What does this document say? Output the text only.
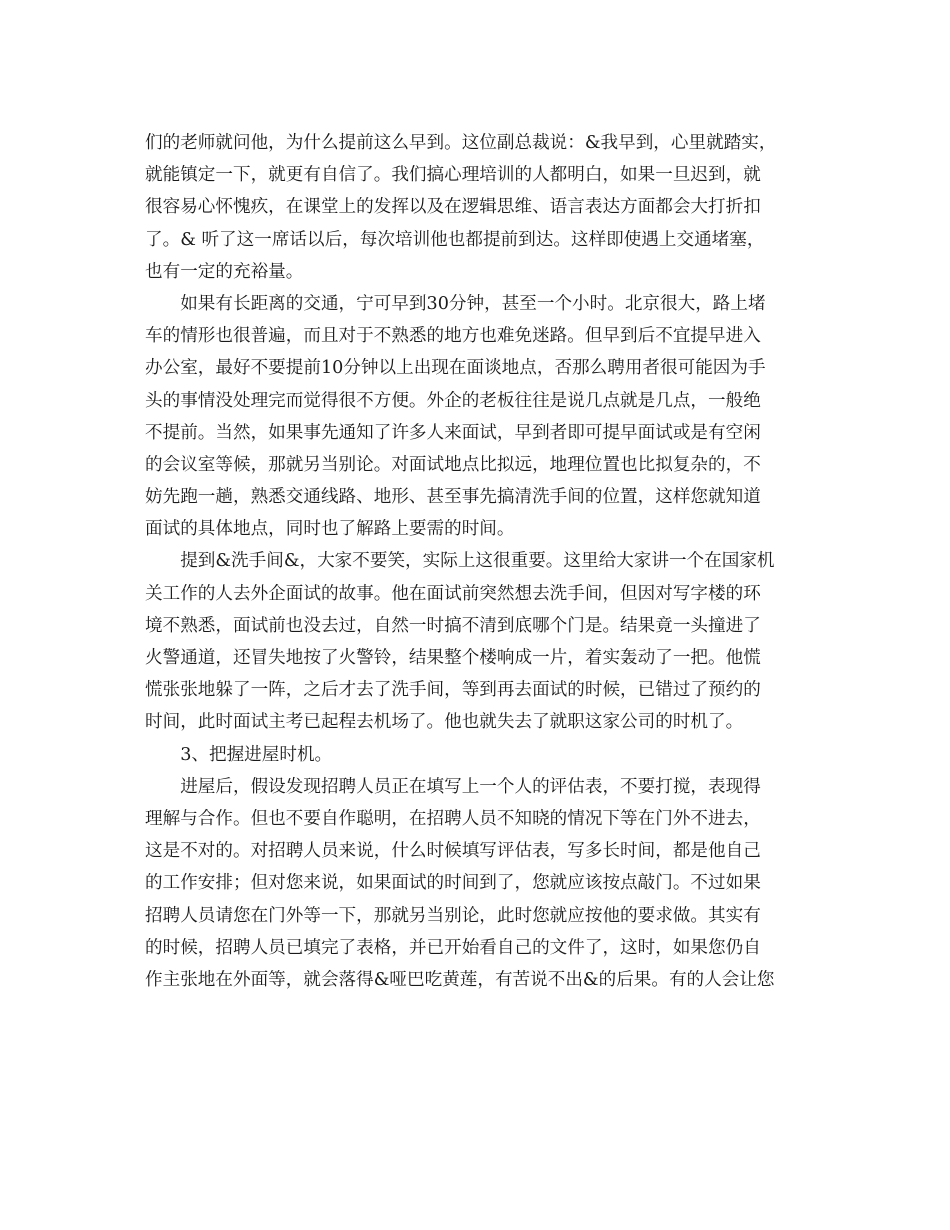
们的老师就问他，为什么提前这么早到。这位副总裁说：&我早到，心里就踏实，
就能镇定一下，就更有自信了。我们搞心理培训的人都明白，如果一旦迟到，就
很容易心怀愧疚，在课堂上的发挥以及在逻辑思维、语言表达方面都会大打折扣
了。& 听了这一席话以后，每次培训他也都提前到达。这样即使遇上交通堵塞，
也有一定的充裕量。
　　如果有长距离的交通，宁可早到30分钟，甚至一个小时。北京很大，路上堵
车的情形也很普遍，而且对于不熟悉的地方也难免迷路。但早到后不宜提早进入
办公室，最好不要提前10分钟以上出现在面谈地点，否那么聘用者很可能因为手
头的事情没处理完而觉得很不方便。外企的老板往往是说几点就是几点，一般绝
不提前。当然，如果事先通知了许多人来面试，早到者即可提早面试或是有空闲
的会议室等候，那就另当别论。对面试地点比拟远，地理位置也比拟复杂的，不
妨先跑一趟，熟悉交通线路、地形、甚至事先搞清洗手间的位置，这样您就知道
面试的具体地点，同时也了解路上要需的时间。
　　提到&洗手间&，大家不要笑，实际上这很重要。这里给大家讲一个在国家机
关工作的人去外企面试的故事。他在面试前突然想去洗手间，但因对写字楼的环
境不熟悉，面试前也没去过，自然一时搞不清到底哪个门是。结果竟一头撞进了
火警通道，还冒失地按了火警铃，结果整个楼响成一片，着实轰动了一把。他慌
慌张张地躲了一阵，之后才去了洗手间，等到再去面试的时候，已错过了预约的
时间，此时面试主考已起程去机场了。他也就失去了就职这家公司的时机了。
　　3、把握进屋时机。
　　进屋后，假设发现招聘人员正在填写上一个人的评估表，不要打搅，表现得
理解与合作。但也不要自作聪明，在招聘人员不知晓的情况下等在门外不进去，
这是不对的。对招聘人员来说，什么时候填写评估表，写多长时间，都是他自己
的工作安排；但对您来说，如果面试的时间到了，您就应该按点敲门。不过如果
招聘人员请您在门外等一下，那就另当别论，此时您就应按他的要求做。其实有
的时候，招聘人员已填完了表格，并已开始看自己的文件了，这时，如果您仍自
作主张地在外面等，就会落得&哑巴吃黄莲，有苦说不出&的后果。有的人会让您
